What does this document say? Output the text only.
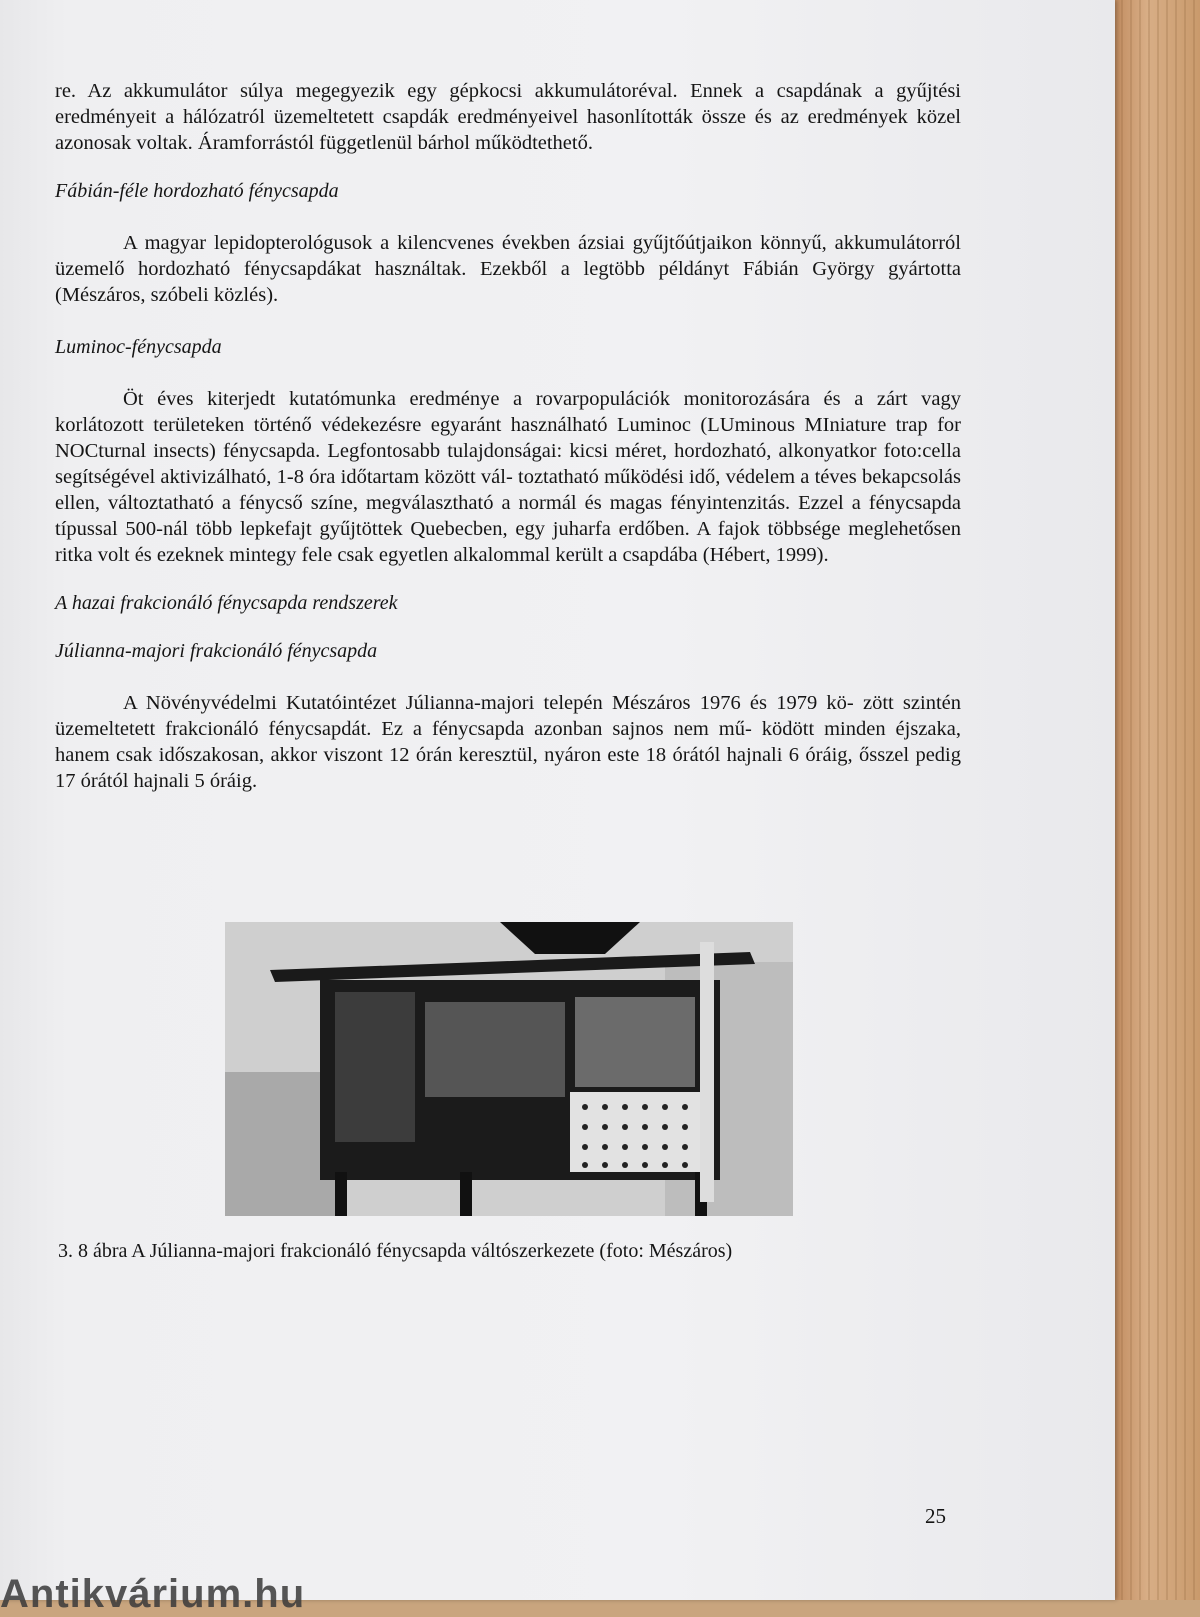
re. Az akkumulátor súlya megegyezik egy gépkocsi akkumulátoréval. Ennek a csapdának a gyűjtési eredményeit a hálózatról üzemeltetett csapdák eredményeivel hasonlították össze és az eredmények közel azonosak voltak. Áramforrástól függetlenül bárhol működtethető.

Fábián-féle hordozható fénycsapda

A magyar lepidopterológusok a kilencvenes években ázsiai gyűjtőútjaikon könnyű, akkumulátorról üzemelő hordozható fénycsapdákat használtak. Ezekből a legtöbb példányt Fábián György gyártotta (Mészáros, szóbeli közlés).

Luminoc-fénycsapda

Öt éves kiterjedt kutatómunka eredménye a rovarpopulációk monitorozására és a zárt vagy korlátozott területeken történő védekezésre egyaránt használható Luminoc (LUminous MIniature trap for NOCturnal insects) fénycsapda. Legfontosabb tulajdonságai: kicsi méret, hordozható, alkonyatkor foto:cella segítségével aktivizálható, 1-8 óra időtartam között vál- toztatható működési idő, védelem a téves bekapcsolás ellen, változtatható a fénycső színe, megválasztható a normál és magas fényintenzitás. Ezzel a fénycsapda típussal 500-nál több lepkefajt gyűjtöttek Quebecben, egy juharfa erdőben. A fajok többsége meglehetősen ritka volt és ezeknek mintegy fele csak egyetlen alkalommal került a csapdába (Hébert, 1999).

A hazai frakcionáló fénycsapda rendszerek
Júlianna-majori frakcionáló fénycsapda

A Növényvédelmi Kutatóintézet Júlianna-majori telepén Mészáros 1976 és 1979 kö- zött szintén üzemeltetett frakcionáló fénycsapdát. Ez a fénycsapda azonban sajnos nem mű- ködött minden éjszaka, hanem csak időszakosan, akkor viszont 12 órán keresztül, nyáron este 18 órától hajnali 6 óráig, ősszel pedig 17 órától hajnali 5 óráig.

3. 8 ábra A Júlianna-majori frakcionáló fénycsapda váltószerkezete (foto: Mészáros)
25
Antikvárium.hu
